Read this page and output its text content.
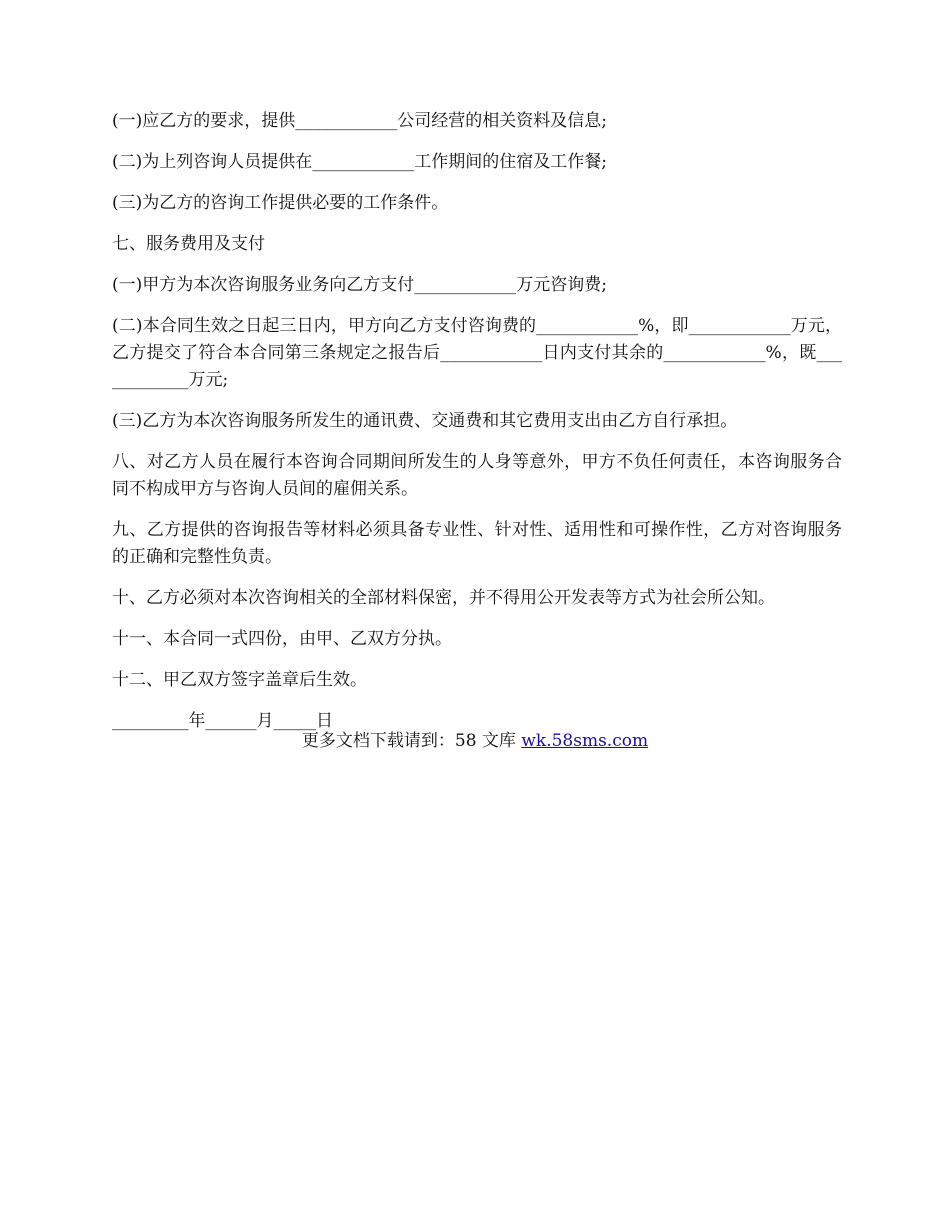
(一)应乙方的要求，提供____________公司经营的相关资料及信息;

(二)为上列咨询人员提供在____________工作期间的住宿及工作餐;

(三)为乙方的咨询工作提供必要的工作条件。

七、服务费用及支付

(一)甲方为本次咨询服务业务向乙方支付____________万元咨询费;

(二)本合同生效之日起三日内，甲方向乙方支付咨询费的____________%，即____________万元，乙方提交了符合本合同第三条规定之报告后____________日内支付其余的____________%，既____________万元;

(三)乙方为本次咨询服务所发生的通讯费、交通费和其它费用支出由乙方自行承担。

八、对乙方人员在履行本咨询合同期间所发生的人身等意外，甲方不负任何责任，本咨询服务合同不构成甲方与咨询人员间的雇佣关系。

九、乙方提供的咨询报告等材料必须具备专业性、针对性、适用性和可操作性，乙方对咨询服务的正确和完整性负责。

十、乙方必须对本次咨询相关的全部材料保密，并不得用公开发表等方式为社会所公知。

十一、本合同一式四份，由甲、乙双方分执。

十二、甲乙双方签字盖章后生效。

_________年______月_____日

更多文档下载请到：58 文库 wk.58sms.com
